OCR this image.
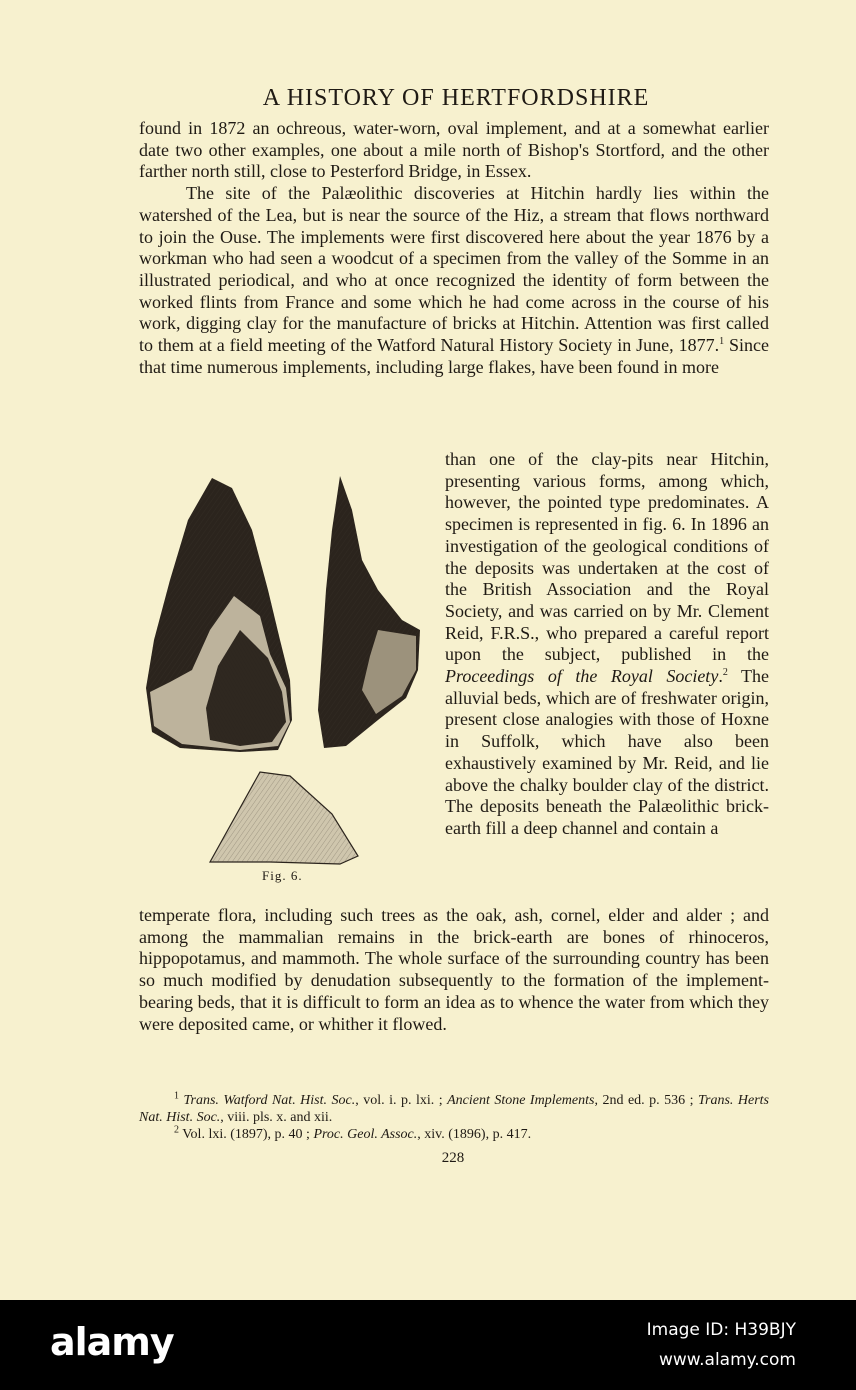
A HISTORY OF HERTFORDSHIRE

found in 1872 an ochreous, water-worn, oval implement, and at a somewhat earlier date two other examples, one about a mile north of Bishop's Stortford, and the other farther north still, close to Pesterford Bridge, in Essex.

The site of the Palæolithic discoveries at Hitchin hardly lies within the watershed of the Lea, but is near the source of the Hiz, a stream that flows northward to join the Ouse. The implements were first discovered here about the year 1876 by a workman who had seen a woodcut of a specimen from the valley of the Somme in an illustrated periodical, and who at once recognized the identity of form between the worked flints from France and some which he had come across in the course of his work, digging clay for the manufacture of bricks at Hitchin. Attention was first called to them at a field meeting of the Watford Natural History Society in June, 1877.$^1$ Since that time numerous implements, including large flakes, have been found in more

than one of the clay-pits near Hitchin, presenting various forms, among which, however, the pointed type predominates. A specimen is represented in fig. 6. In 1896 an investigation of the geological conditions of the deposits was undertaken at the cost of the British Association and the Royal Society, and was carried on by Mr. Clement Reid, F.R.S., who prepared a careful report upon the subject, published in the Proceedings of the Royal Society.$^2$ The alluvial beds, which are of freshwater origin, present close analogies with those of Hoxne in Suffolk, which have also been exhaustively examined by Mr. Reid, and lie above the chalky boulder clay of the district. The deposits beneath the Palæolithic brick-earth fill a deep channel and contain a
Fig. 6.

temperate flora, including such trees as the oak, ash, cornel, elder and alder ; and among the mammalian remains in the brick-earth are bones of rhinoceros, hippopotamus, and mammoth. The whole surface of the surrounding country has been so much modified by denudation subsequently to the formation of the implement-bearing beds, that it is difficult to form an idea as to whence the water from which they were deposited came, or whither it flowed.

$^1$ Trans. Watford Nat. Hist. Soc., vol. i. p. lxi. ; Ancient Stone Implements, 2nd ed. p. 536 ; Trans. Herts Nat. Hist. Soc., viii. pls. x. and xii.

$^2$ Vol. lxi. (1897), p. 40 ; Proc. Geol. Assoc., xiv. (1896), p. 417.

228
alamy	Image ID: H39BJY
www.alamy.com
